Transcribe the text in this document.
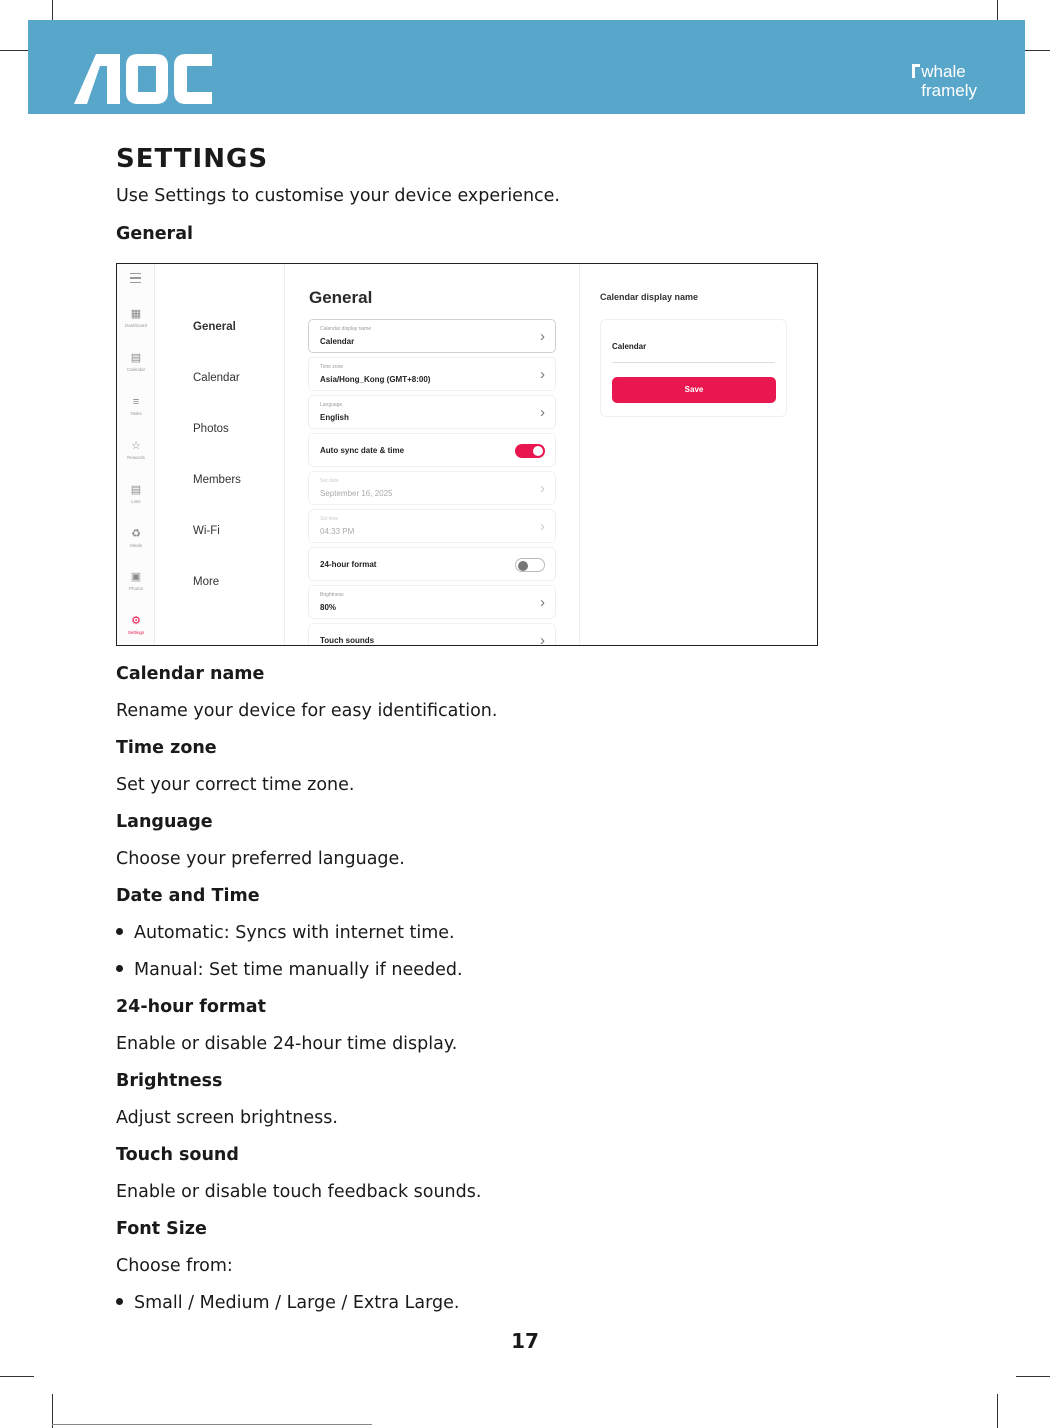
whale
framely
SETTINGS
Use Settings to customise your device experience.
General
▦
Dashboard
▤
Calendar
≡
Tasks
☆
Rewards
▤
Lists
♻
Meals
▣
Photos
⚙
Settings
General
Calendar
Photos
Members
Wi-Fi
More
General
Calendar display name
Calendar	›
Time zone
Asia/Hong_Kong (GMT+8:00)	›
Language
English	›
Auto sync date & time
Set date
September 16, 2025	›
Set time
04:33 PM	›
24-hour format
Brightness
80%	›
Touch sounds	›
Calendar display name
Calendar
Save
Calendar name
Rename your device for easy identification.
Time zone
Set your correct time zone.
Language
Choose your preferred language.
Date and Time
Automatic: Syncs with internet time.
Manual: Set time manually if needed.
24-hour format
Enable or disable 24-hour time display.
Brightness
Adjust screen brightness.
Touch sound
Enable or disable touch feedback sounds.
Font Size
Choose from:
Small / Medium / Large / Extra Large.
17
